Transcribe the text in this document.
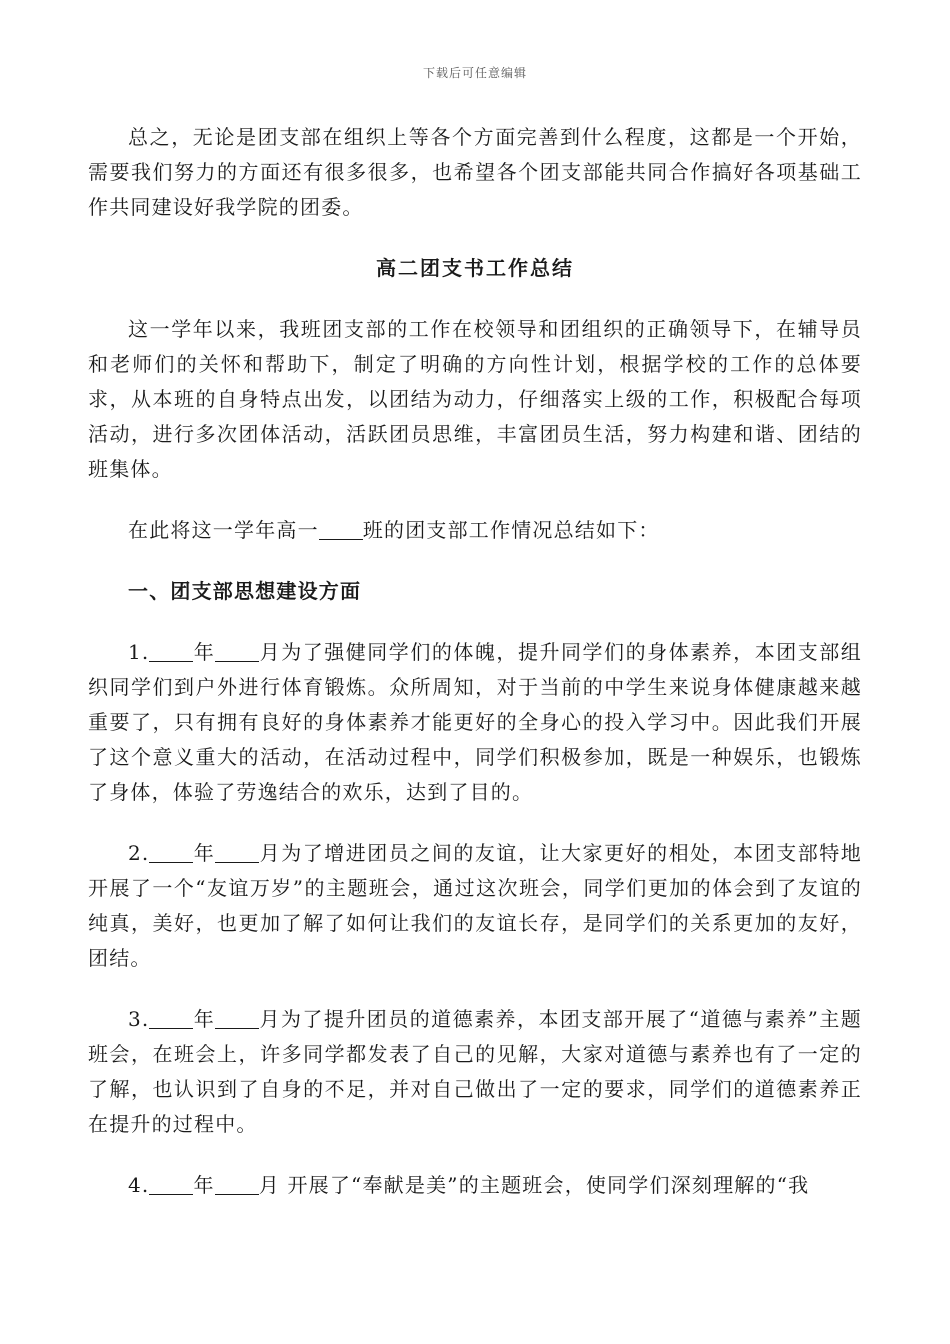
下载后可任意编辑

总之，无论是团支部在组织上等各个方面完善到什么程度，这都是一个开始，需要我们努力的方面还有很多很多，也希望各个团支部能共同合作搞好各项基础工作共同建设好我学院的团委。

高二团支书工作总结

这一学年以来，我班团支部的工作在校领导和团组织的正确领导下，在辅导员和老师们的关怀和帮助下，制定了明确的方向性计划，根据学校的工作的总体要求，从本班的自身特点出发，以团结为动力，仔细落实上级的工作，积极配合每项活动，进行多次团体活动，活跃团员思维，丰富团员生活，努力构建和谐、团结的班集体。

在此将这一学年高一 班的团支部工作情况总结如下：

一、团支部思想建设方面

1. 年 月为了强健同学们的体魄，提升同学们的身体素养，本团支部组织同学们到户外进行体育锻炼。众所周知，对于当前的中学生来说身体健康越来越重要了，只有拥有良好的身体素养才能更好的全身心的投入学习中。因此我们开展了这个意义重大的活动，在活动过程中，同学们积极参加，既是一种娱乐，也锻炼了身体，体验了劳逸结合的欢乐，达到了目的。

2. 年 月为了增进团员之间的友谊，让大家更好的相处，本团支部特地开展了一个“友谊万岁”的主题班会，通过这次班会，同学们更加的体会到了友谊的纯真，美好，也更加了解了如何让我们的友谊长存，是同学们的关系更加的友好，团结。

3. 年 月为了提升团员的道德素养，本团支部开展了“道德与素养”主题班会，在班会上，许多同学都发表了自己的见解，大家对道德与素养也有了一定的了解，也认识到了自身的不足，并对自己做出了一定的要求，同学们的道德素养正在提升的过程中。

4. 年 月 开展了“奉献是美”的主题班会，使同学们深刻理解的“我
